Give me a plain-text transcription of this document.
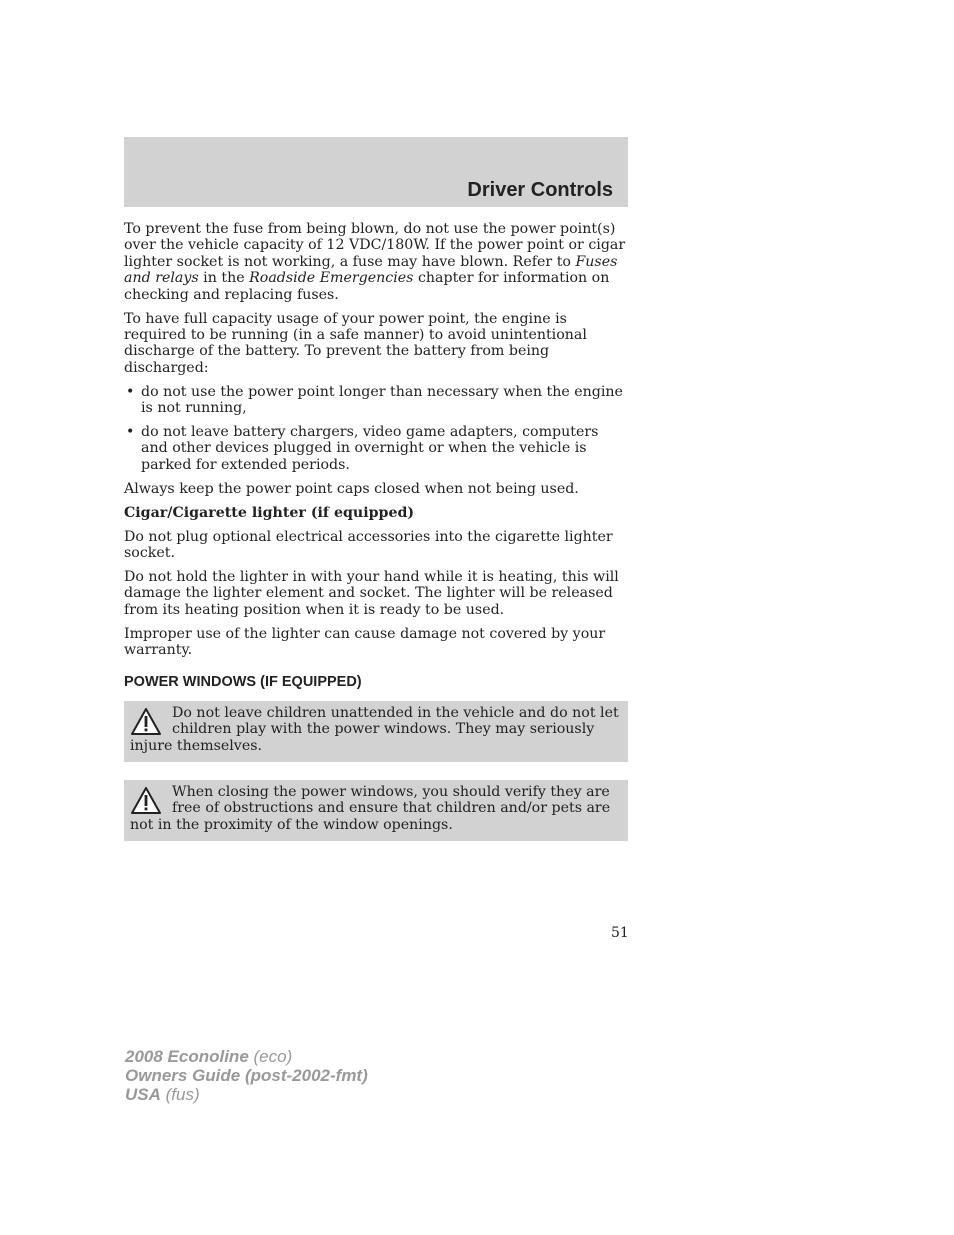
Driver Controls

To prevent the fuse from being blown, do not use the power point(s) over the vehicle capacity of 12 VDC/180W. If the power point or cigar lighter socket is not working, a fuse may have blown. Refer to Fuses and relays in the Roadside Emergencies chapter for information on checking and replacing fuses.

To have full capacity usage of your power point, the engine is required to be running (in a safe manner) to avoid unintentional discharge of the battery. To prevent the battery from being discharged:

• do not use the power point longer than necessary when the engine is not running,
• do not leave battery chargers, video game adapters, computers and other devices plugged in overnight or when the vehicle is parked for extended periods.

Always keep the power point caps closed when not being used.

Cigar/Cigarette lighter (if equipped)

Do not plug optional electrical accessories into the cigarette lighter socket.

Do not hold the lighter in with your hand while it is heating, this will damage the lighter element and socket. The lighter will be released from its heating position when it is ready to be used.

Improper use of the lighter can cause damage not covered by your warranty.

POWER WINDOWS (IF EQUIPPED)
Do not leave children unattended in the vehicle and do not let children play with the power windows. They may seriously injure themselves.
When closing the power windows, you should verify they are free of obstructions and ensure that children and/or pets are not in the proximity of the window openings.
51
2008 Econoline (eco)
Owners Guide (post-2002-fmt)
USA (fus)
